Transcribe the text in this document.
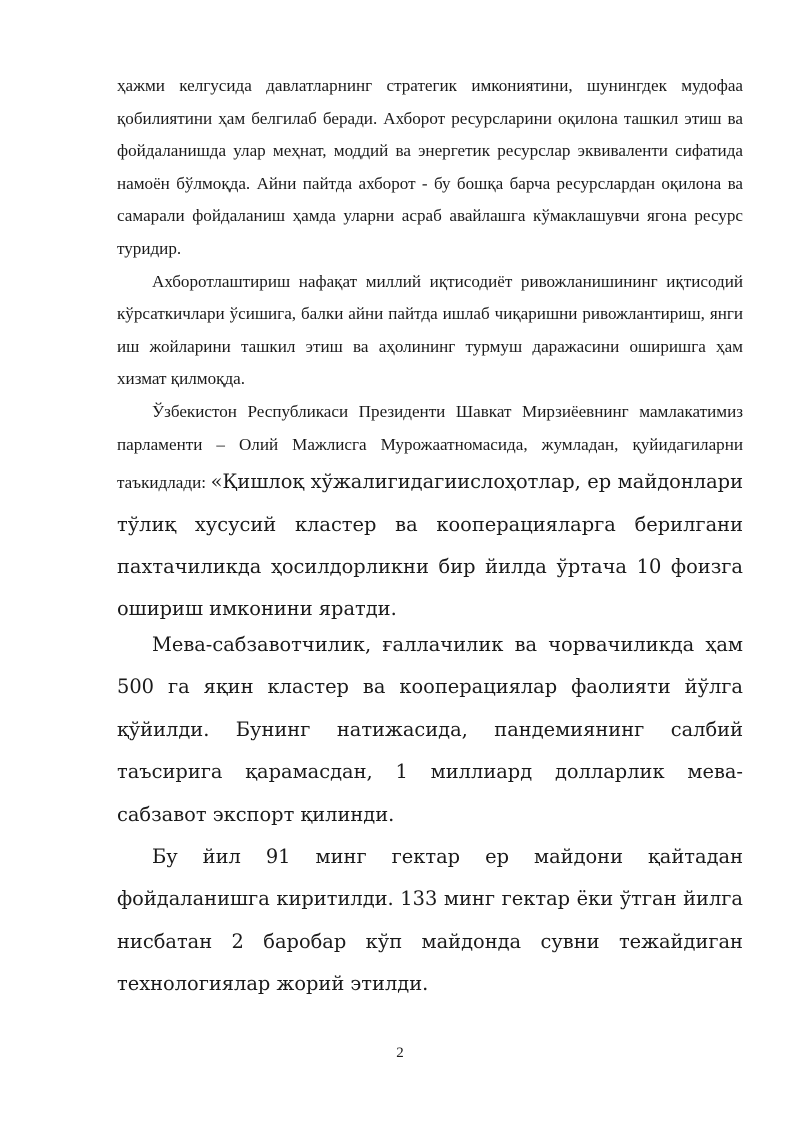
ҳажми келгусида давлатларнинг стратегик имкониятини, шунингдек мудофаа қобилиятини ҳам белгилаб беради. Ахборот ресурсларини оқилона ташкил этиш ва фойдаланишда улар меҳнат, моддий ва энергетик ресурслар эквиваленти сифатида намоён бўлмоқда. Айни пайтда ахборот - бу бошқа барча ресурслардан оқилона ва самарали фойдаланиш ҳамда уларни асраб авайлашга кўмаклашувчи ягона ресурс туридир.

Ахборотлаштириш нафақат миллий иқтисодиёт ривожланишининг иқтисодий кўрсаткичлари ўсишига, балки айни пайтда ишлаб чиқаришни ривожлантириш, янги иш жойларини ташкил этиш ва аҳолининг турмуш даражасини оширишга ҳам хизмат қилмоқда.

Ўзбекистон Республикаси Президенти Шавкат Мирзиёевнинг мамлакатимиз парламенти – Олий Мажлисга Мурожаатномасида, жумладан, қуйидагиларни таъкидлади: «Қишлоқ хўжалигидагиислоҳотлар, ер майдонлари тўлиқ хусусий кластер ва кооперацияларга берилгани пахтачиликда ҳосилдорликни бир йилда ўртача 10 фоизга ошириш имконини яратди.

Мева-сабзавотчилик, ғаллачилик ва чорвачиликда ҳам 500 га яқин кластер ва кооперациялар фаолияти йўлга қўйилди. Бунинг натижасида, пандемиянинг салбий таъсирига қарамасдан, 1 миллиард долларлик мева-сабзавот экспорт қилинди.

Бу йил 91 минг гектар ер майдони қайтадан фойдаланишга киритилди. 133 минг гектар ёки ўтган йилга нисбатан 2 баробар кўп майдонда сувни тежайдиган технологиялар жорий этилди.

2
